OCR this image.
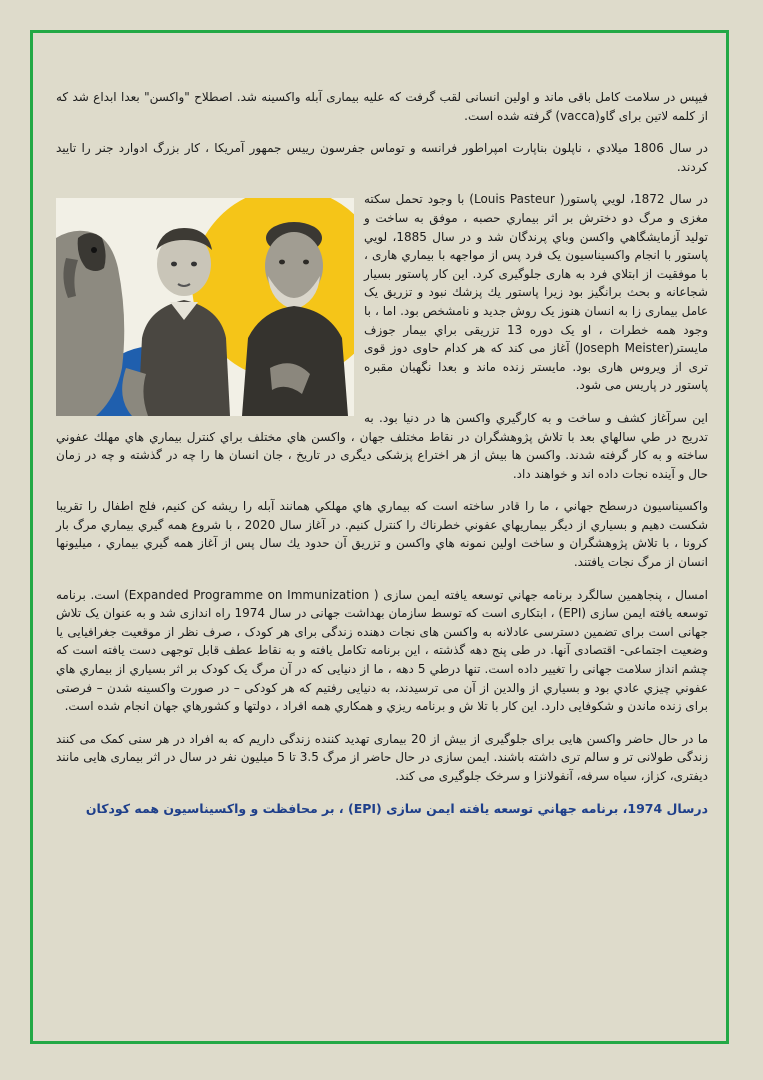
فیپس در سلامت کامل باقی ماند و اولین انسانی لقب گرفت که علیه بیماری آبله واکسینه شد. اصطلاح "واکسن" بعدا ابداع شد که از کلمه لاتین برای گاو(vacca) گرفته شده است.

در سال 1806 میلادي ، ناپلون بناپارت امپراطور فرانسه و توماس جفرسون رییس جمهور آمریکا ، کار بزرگ ادوارد جنر را تایید کردند.

در سال 1872، لويي پاستور( Louis Pasteur) با وجود تحمل سکته مغزی و مرگ دو دخترش بر اثر بیماري حصبه ، موفق به ساخت و تولید آزمایشگاهي واکسن وباي پرندگان شد و در سال 1885، لويي پاستور با انجام واکسیناسیون یک فرد پس از مواجهه با بیماري هاری ، با موفقیت از ابتلاي فرد به هاری جلوگیری کرد. این کار پاستور بسیار شجاعانه و بحث برانگیز بود زیرا پاستور یك پزشك نبود و تزریق یک عامل بیماری زا به انسان هنوز یک روش جدید و نامشخص بود. اما ، با وجود همه خطرات ، او یک دوره 13 تزریقی براي بیمار جوزف مایستر(Joseph Meister) آغاز می کند که هر کدام حاوی دوز قوی تری از ویروس هاری بود. مایستر زنده ماند و بعدا نگهبان مقبره پاستور در پاریس می شود.

این سرآغاز کشف و ساخت و به کارگیري واکسن ها در دنیا بود. به تدریج در طي سالهاي بعد با تلاش پژوهشگران در نقاط مختلف جهان ، واکسن هاي مختلف براي کنترل بیماري هاي مهلك عفوني ساخته و به کار گرفته شدند. واکسن ها بیش از هر اختراع پزشکی دیگری در تاریخ ، جان انسان ها را چه در گذشته و چه در زمان حال و آینده نجات داده اند و خواهند داد.

واکسیناسیون درسطح جهاني ، ما را قادر ساخته است که بیماري هاي مهلكي همانند آبله را ریشه کن کنیم، فلج اطفال را تقریبا شکست دهیم و بسیاري از دیگر بیماریهاي عفوني خطرناك را کنترل کنیم. در آغاز سال 2020 ، با شروع همه گیري بیماري مرگ بار کرونا ، با تلاش پژوهشگران و ساخت اولین نمونه هاي واکسن و تزریق آن حدود یك سال پس از آغاز همه گیري بیماري ، میلیونها انسان از مرگ نجات یافتند.

امسال ، پنجاهمین سالگرد برنامه جهاني توسعه یافته ایمن سازی ( Expanded Programme on Immunization) است. برنامه توسعه یافته ایمن سازی (EPI) ، ابتکاری است که توسط سازمان بهداشت جهانی در سال 1974 راه اندازی شد و به عنوان یک تلاش جهانی است برای تضمین دسترسی عادلانه به واکسن های نجات دهنده زندگی برای هر کودک ، صرف نظر از موقعیت جغرافیایی یا وضعیت اجتماعی- اقتصادی آنها. در طی پنج دهه گذشته ، این برنامه تکامل یافته و به نقاط عطف قابل توجهی دست یافته است که چشم انداز سلامت جهانی را تغییر داده است. تنها درطي 5 دهه ، ما از دنیایی که در آن مرگ یک کودک بر اثر بسیاري از بیماري هاي عفوني چیزي عادي بود و بسیاري از والدین از آن می ترسیدند، به دنیایی رفتیم که هر کودکی – در صورت واکسینه شدن – فرصتی برای زنده ماندن و شکوفایی دارد. این کار با تلا ش و برنامه ریزي و همکاري همه افراد ، دولتها و کشورهاي جهان انجام شده است.

ما در حال حاضر واکسن هایی برای جلوگیری از بیش از 20 بیماری تهدید کننده زندگی داریم که به افراد در هر سنی کمک می کنند زندگی طولانی تر و سالم تری داشته باشند. ایمن سازی در حال حاضر از مرگ 3.5 تا 5 میلیون نفر در سال در اثر بیماری هایی مانند دیفتری، کزاز، سیاه سرفه، آنفولانزا و سرخک جلوگیری می کند.

درسال 1974، برنامه جهاني توسعه یافته ایمن سازی (EPI) ، بر محافظت و واکسیناسیون همه کودکان
